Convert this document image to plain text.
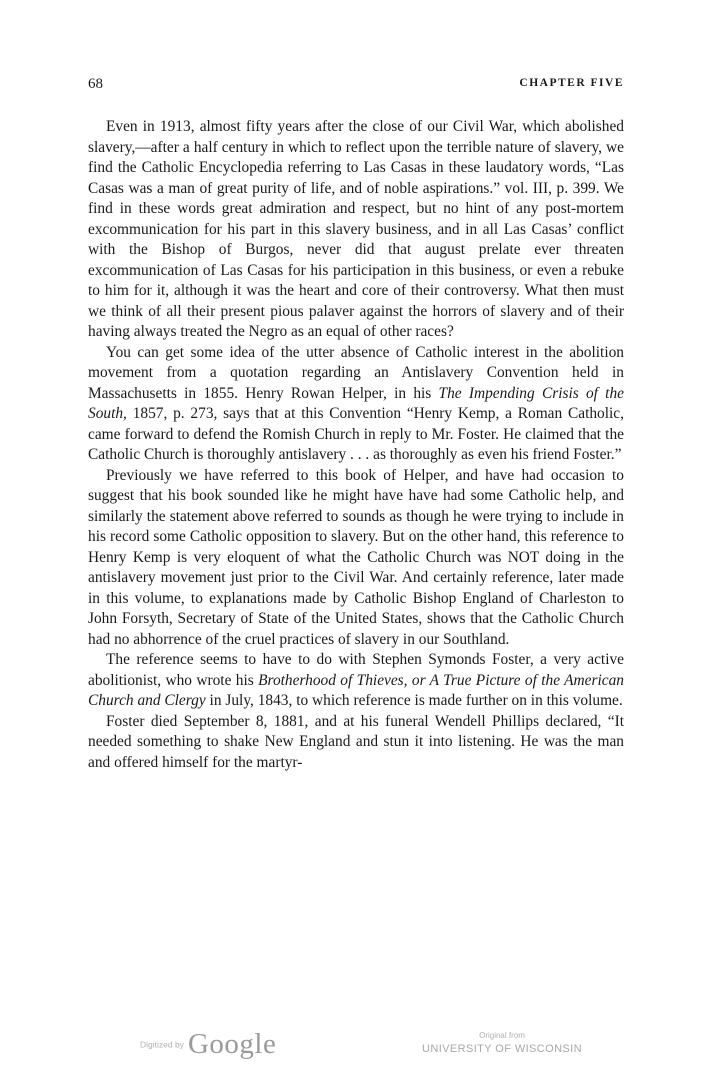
68	CHAPTER FIVE

Even in 1913, almost fifty years after the close of our Civil War, which abolished slavery,—after a half century in which to reflect upon the terrible nature of slavery, we find the Catholic Encyclopedia referring to Las Casas in these laudatory words, “Las Casas was a man of great purity of life, and of noble aspirations.” vol. III, p. 399. We find in these words great admiration and respect, but no hint of any post-mortem excommunication for his part in this slavery business, and in all Las Casas’ conflict with the Bishop of Burgos, never did that august prelate ever threaten excommunication of Las Casas for his participation in this business, or even a rebuke to him for it, although it was the heart and core of their controversy. What then must we think of all their present pious palaver against the horrors of slavery and of their having always treated the Negro as an equal of other races?

You can get some idea of the utter absence of Catholic interest in the abolition movement from a quotation regarding an Antislavery Convention held in Massachusetts in 1855. Henry Rowan Helper, in his The Impending Crisis of the South, 1857, p. 273, says that at this Convention “Henry Kemp, a Roman Catholic, came forward to defend the Romish Church in reply to Mr. Foster. He claimed that the Catholic Church is thoroughly antislavery . . . as thoroughly as even his friend Foster.”

Previously we have referred to this book of Helper, and have had occasion to suggest that his book sounded like he might have have had some Catholic help, and similarly the statement above referred to sounds as though he were trying to include in his record some Catholic opposition to slavery. But on the other hand, this reference to Henry Kemp is very eloquent of what the Catholic Church was NOT doing in the antislavery movement just prior to the Civil War. And certainly reference, later made in this volume, to explanations made by Catholic Bishop England of Charleston to John Forsyth, Secretary of State of the United States, shows that the Catholic Church had no abhorrence of the cruel practices of slavery in our Southland.

The reference seems to have to do with Stephen Symonds Foster, a very active abolitionist, who wrote his Brotherhood of Thieves, or A True Picture of the American Church and Clergy in July, 1843, to which reference is made further on in this volume.

Foster died September 8, 1881, and at his funeral Wendell Phillips declared, “It needed something to shake New England and stun it into listening. He was the man and offered himself for the martyr-

Digitized by Google	Original from
UNIVERSITY OF WISCONSIN
